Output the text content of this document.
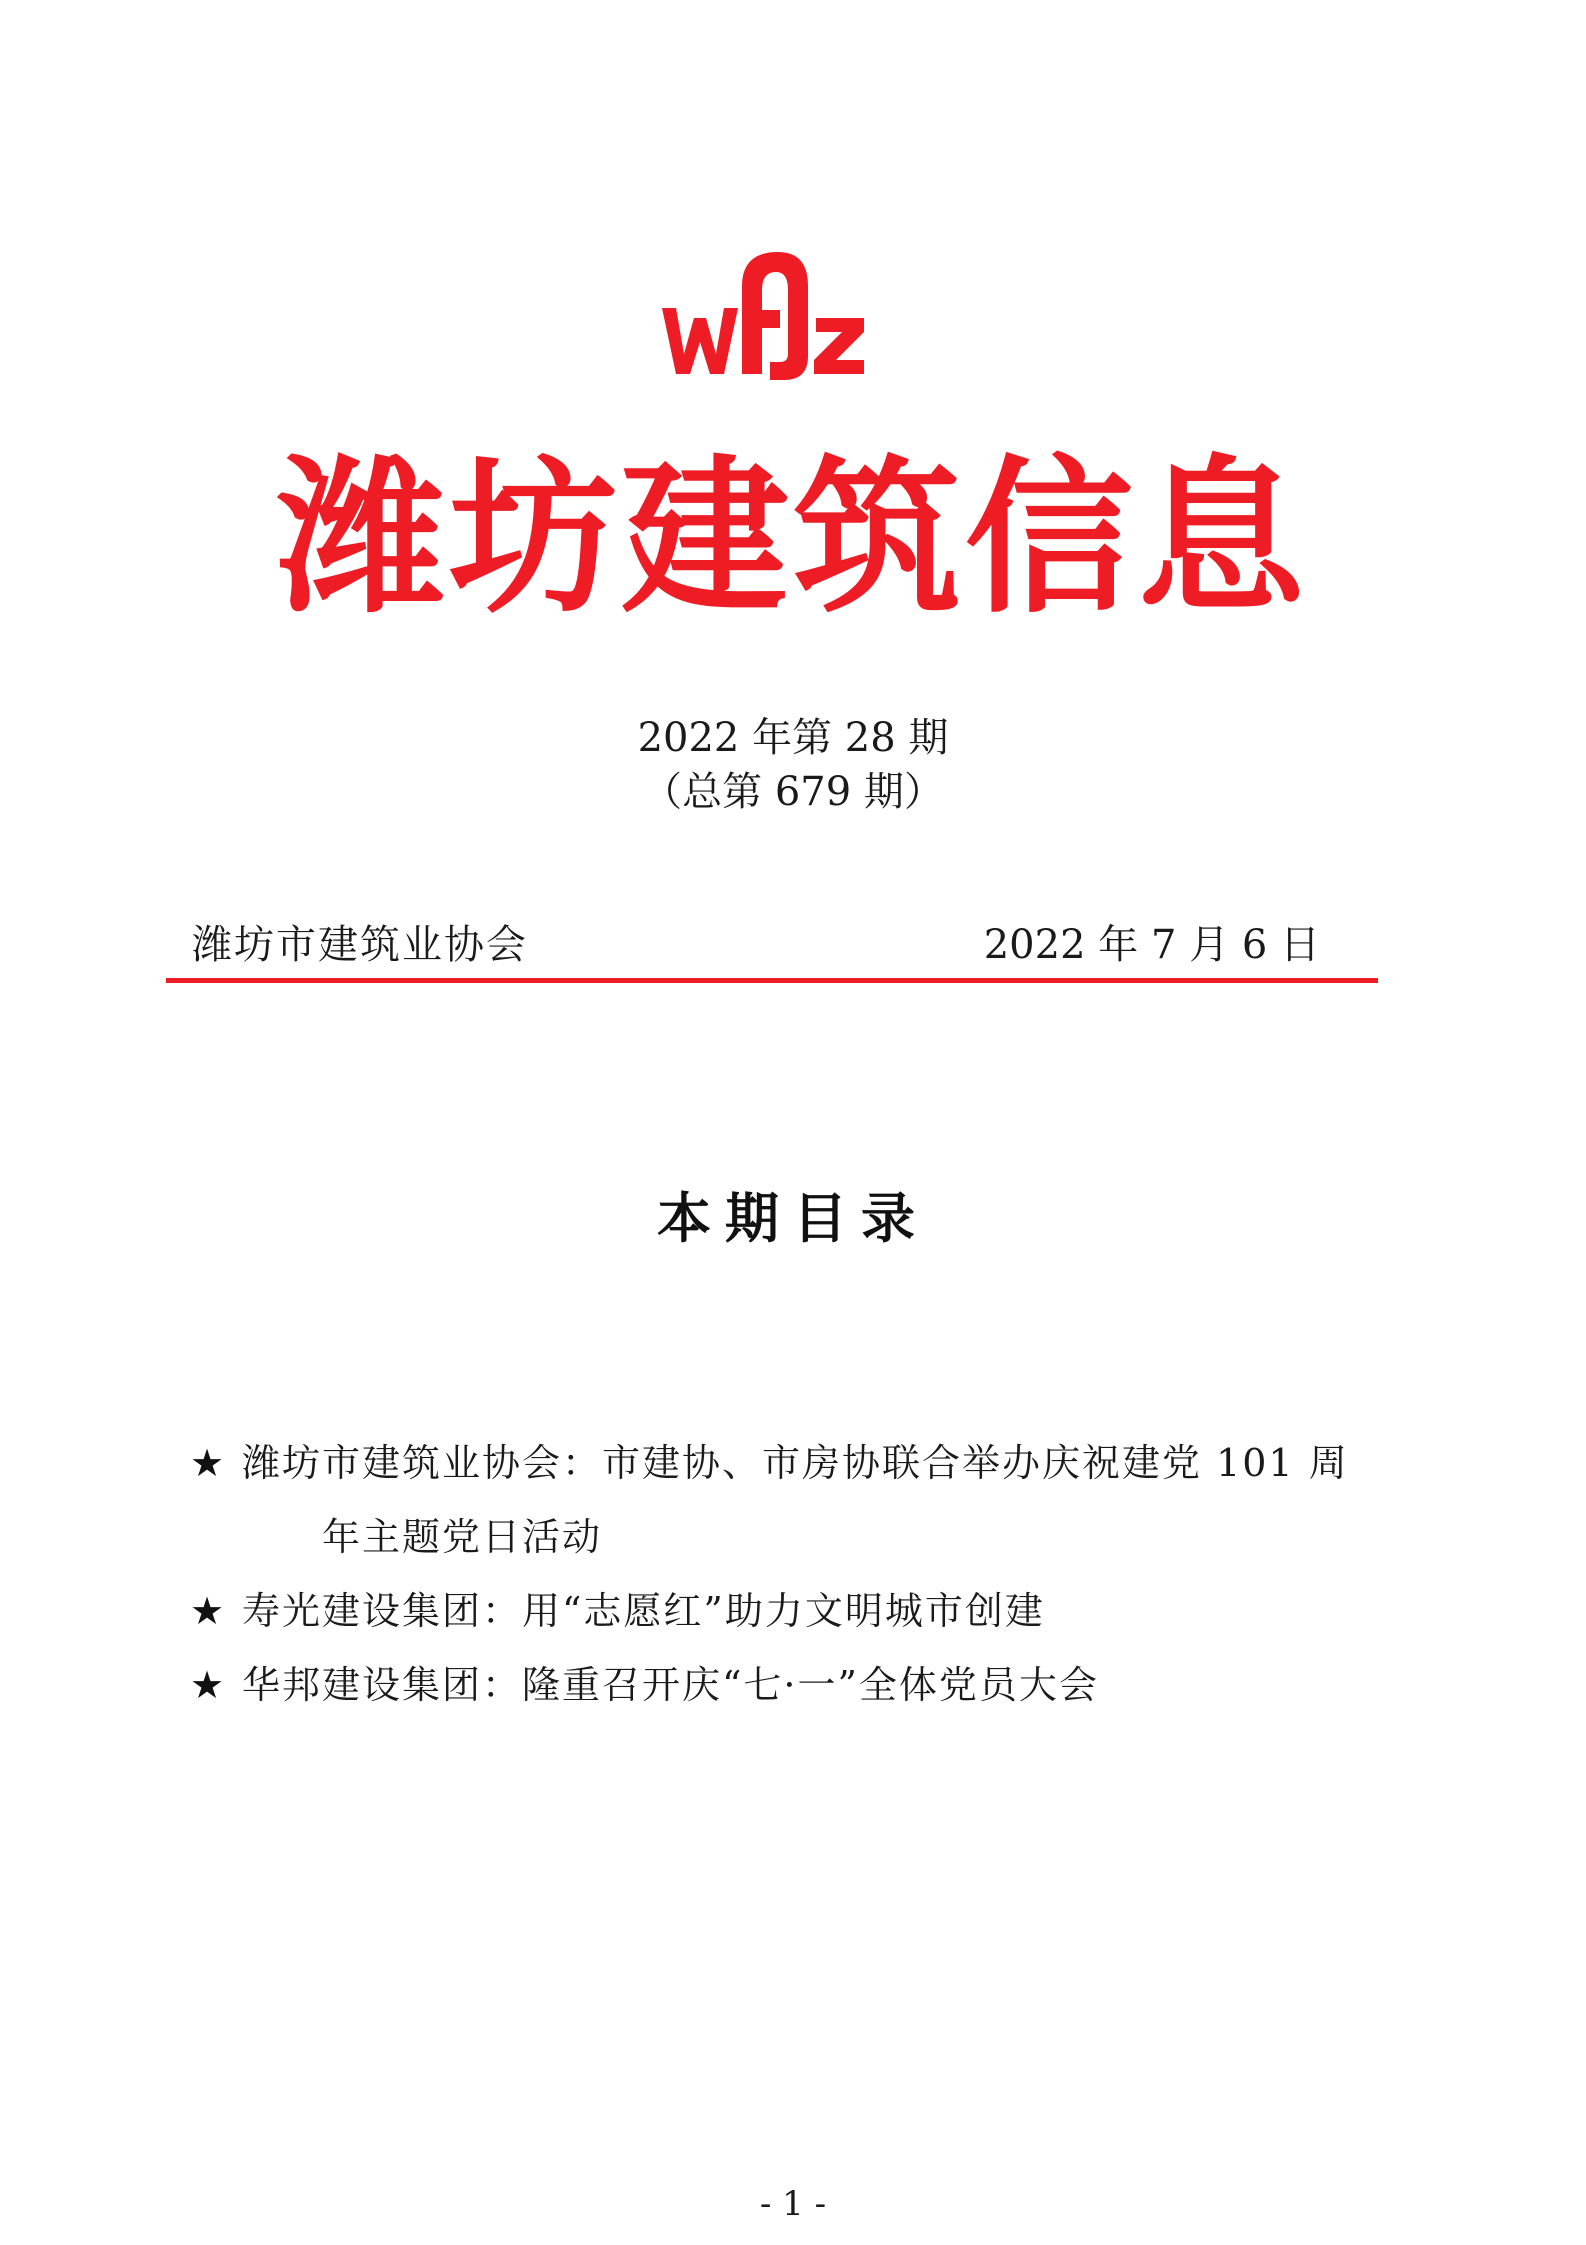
潍坊建筑信息
2022 年第 28 期
（总第 679 期）
潍坊市建筑业协会	2022 年 7 月 6 日
本期目录
★ 潍坊市建筑业协会：市建协、市房协联合举办庆祝建党 101 周
年主题党日活动
★ 寿光建设集团：用“志愿红”助力文明城市创建
★ 华邦建设集团：隆重召开庆“七·一”全体党员大会
- 1 -
